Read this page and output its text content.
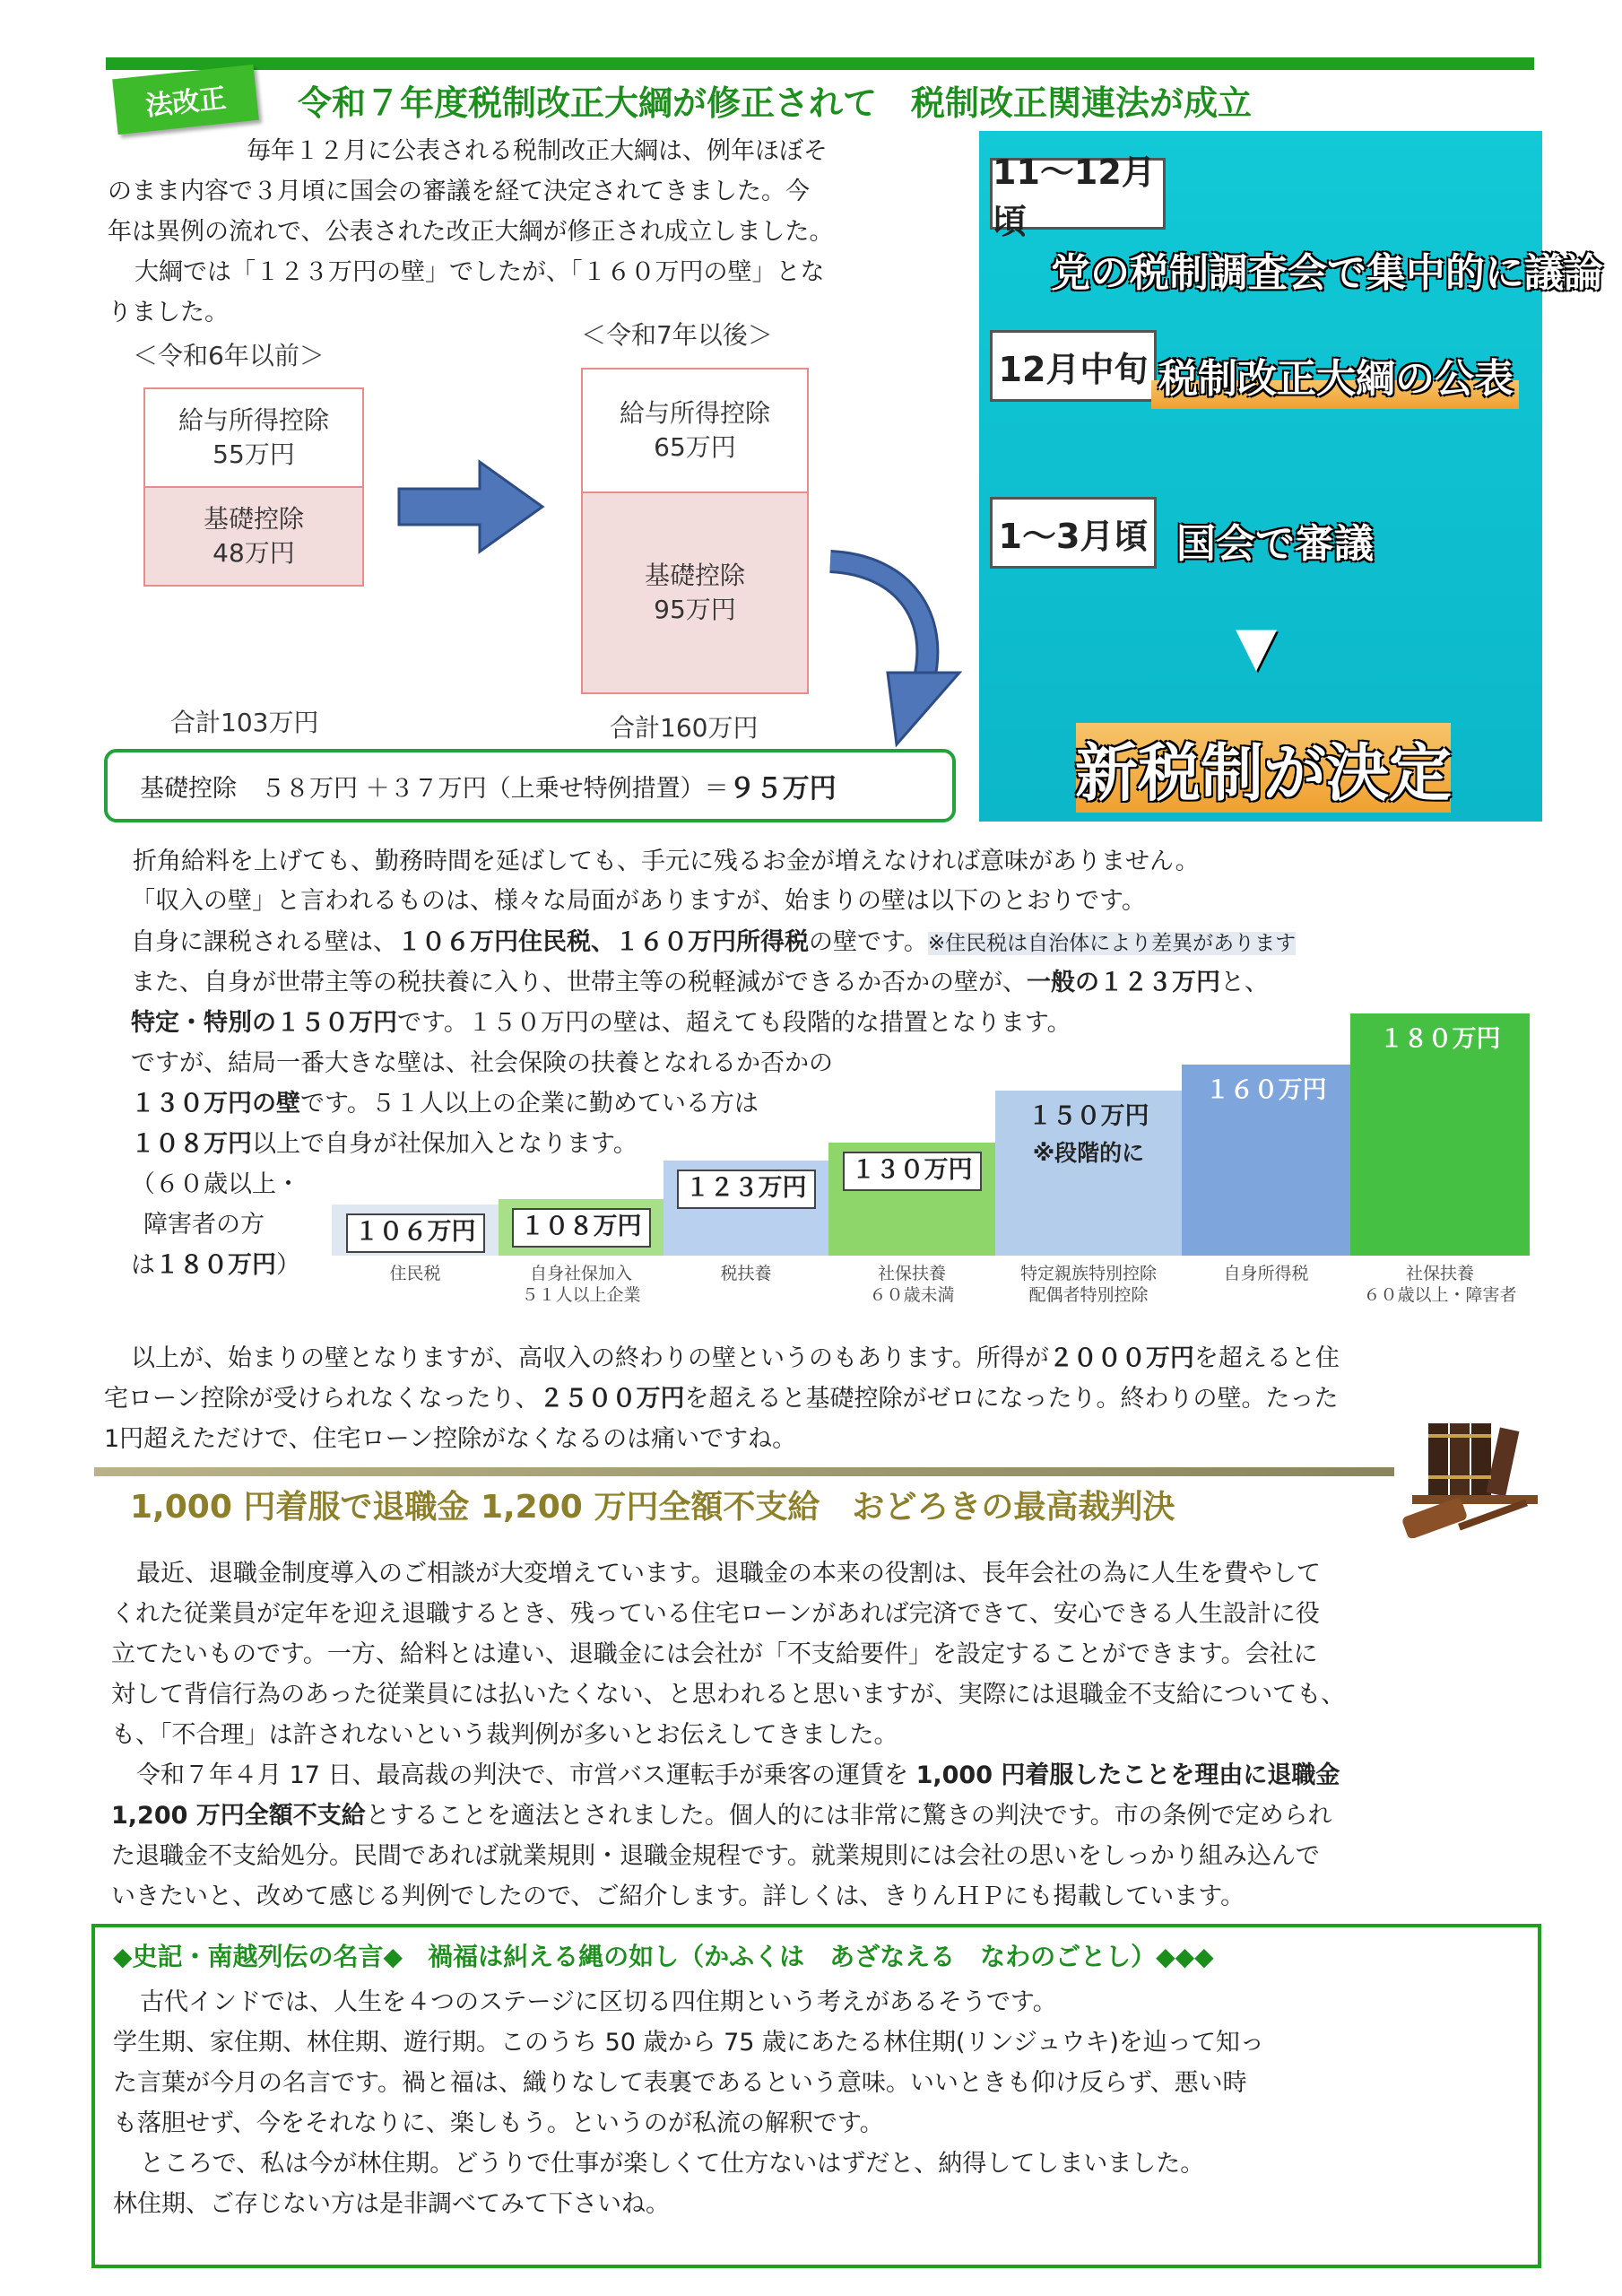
法改正	令和７年度税制改正大綱が修正されて　税制改正関連法が成立
毎年１２月に公表される税制改正大綱は、例年ほぼそ
のまま内容で３月頃に国会の審議を経て決定されてきました。今
年は異例の流れで、公表された改正大綱が修正され成立しました。
大綱では「１２３万円の壁」でしたが、「１６０万円の壁」とな
りました。
＜令和6年以前＞
＜令和7年以後＞
給与所得控除
55万円
基礎控除
48万円
給与所得控除
65万円
基礎控除
95万円
合計103万円	合計160万円
基礎控除　５８万円 ＋３７万円（上乗せ特例措置）＝ ９５万円
11～12月頃
党の税制調査会で集中的に議論
12月中旬 税制改正大綱の公表
1～3月頃 国会で審議
▼
新税制が決定
折角給料を上げても、勤務時間を延ばしても、手元に残るお金が増えなければ意味がありません。
「収入の壁」と言われるものは、様々な局面がありますが、始まりの壁は以下のとおりです。
自身に課税される壁は、１０６万円住民税、１６０万円所得税の壁です。※住民税は自治体により差異があります
また、自身が世帯主等の税扶養に入り、世帯主等の税軽減ができるか否かの壁が、一般の１２３万円と、
特定・特別の１５０万円です。１５０万円の壁は、超えても段階的な措置となります。
ですが、結局一番大きな壁は、社会保険の扶養となれるか否かの
１３０万円の壁です。５１人以上の企業に勤めている方は
１０８万円以上で自身が社保加入となります。
（６０歳以上・
障害者の方
は１８０万円）
１０６万円
住民税
１０８万円
自身社保加入
５１人以上企業
１２３万円
税扶養
１３０万円
社保扶養
６０歳未満
１５０万円
※段階的に
特定親族特別控除
配偶者特別控除
１６０万円
自身所得税
１８０万円
社保扶養
６０歳以上・障害者
以上が、始まりの壁となりますが、高収入の終わりの壁というのもあります。所得が２０００万円を超えると住
宅ローン控除が受けられなくなったり、２５００万円を超えると基礎控除がゼロになったり。終わりの壁。たった
1円超えただけで、住宅ローン控除がなくなるのは痛いですね。
1,000 円着服で退職金 1,200 万円全額不支給　おどろきの最高裁判決
最近、退職金制度導入のご相談が大変増えています。退職金の本来の役割は、長年会社の為に人生を費やして
くれた従業員が定年を迎え退職するとき、残っている住宅ローンがあれば完済できて、安心できる人生設計に役
立てたいものです。一方、給料とは違い、退職金には会社が「不支給要件」を設定することができます。会社に
対して背信行為のあった従業員には払いたくない、と思われると思いますが、実際には退職金不支給についても、
も、「不合理」は許されないという裁判例が多いとお伝えしてきました。
令和７年４月 17 日、最高裁の判決で、市営バス運転手が乗客の運賃を 1,000 円着服したことを理由に退職金
1,200 万円全額不支給とすることを適法とされました。個人的には非常に驚きの判決です。市の条例で定められ
た退職金不支給処分。民間であれば就業規則・退職金規程です。就業規則には会社の思いをしっかり組み込んで
いきたいと、改めて感じる判例でしたので、ご紹介します。詳しくは、きりんＨＰにも掲載しています。
◆史記・南越列伝の名言◆　禍福は糾える縄の如し（かふくは　あざなえる　なわのごとし）◆◆◆
古代インドでは、人生を４つのステージに区切る四住期という考えがあるそうです。
学生期、家住期、林住期、遊行期。このうち 50 歳から 75 歳にあたる林住期(リンジュウキ)を辿って知っ
た言葉が今月の名言です。禍と福は、織りなして表裏であるという意味。いいときも仰け反らず、悪い時
も落胆せず、今をそれなりに、楽しもう。というのが私流の解釈です。
ところで、私は今が林住期。どうりで仕事が楽しくて仕方ないはずだと、納得してしまいました。
林住期、ご存じない方は是非調べてみて下さいね。
